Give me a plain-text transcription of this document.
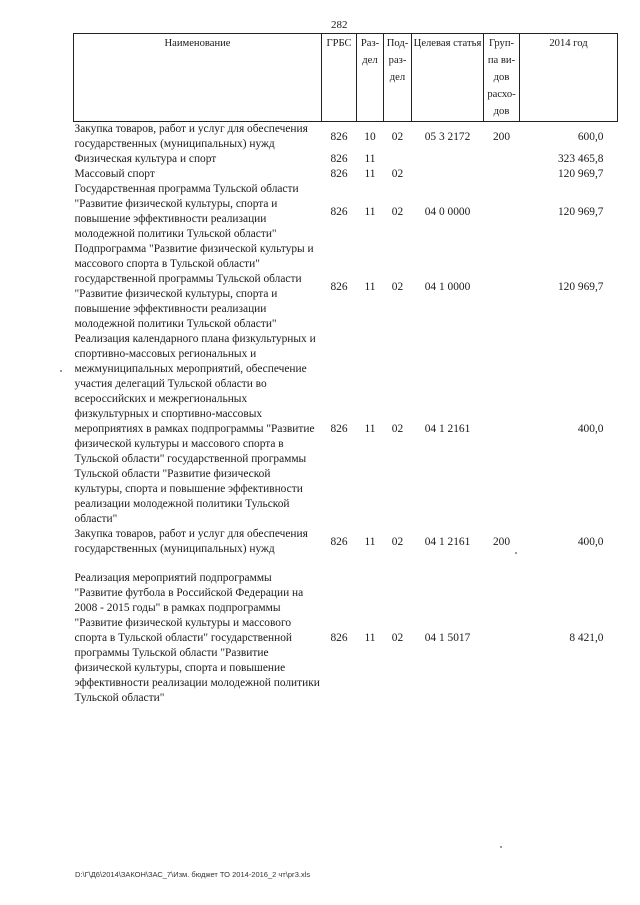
282
Наименование	ГРБС	Раз- дел	Под- раз- дел	Целевая статья	Груп- па ви- дов расхо- дов	2014 год
Закупка товаров, работ и услуг для обеспечения государственных (муниципальных) нужд	826	10	02	05 3 2172	200	600,0
Физическая культура и спорт	826	11				323 465,8
Массовый спорт	826	11	02			120 969,7
Государственная программа Тульской области "Развитие физической культуры, спорта и повышение эффективности реализации молодежной политики Тульской области"	826	11	02	04 0 0000		120 969,7
Подпрограмма "Развитие физической культуры и массового спорта в Тульской области" государственной программы Тульской области "Развитие физической культуры, спорта и повышение эффективности реализации молодежной политики Тульской области"	826	11	02	04 1 0000		120 969,7
Реализация календарного плана физкультурных и спортивно-массовых региональных и межмуниципальных мероприятий, обеспечение участия делегаций Тульской области во всероссийских и межрегиональных физкультурных и спортивно-массовых мероприятиях в рамках подпрограммы "Развитие физической культуры и массового спорта в Тульской области" государственной программы Тульской области "Развитие физической культуры, спорта и повышение эффективности реализации молодежной политики Тульской области"	826	11	02	04 1 2161		400,0
Закупка товаров, работ и услуг для обеспечения государственных (муниципальных) нужд	826	11	02	04 1 2161	200	400,0

Реализация мероприятий подпрограммы "Развитие футбола в Российской Федерации на 2008 - 2015 годы" в рамках подпрограммы "Развитие физической культуры и массового спорта в Тульской области" государственной программы Тульской области "Развитие физической культуры, спорта и повышение эффективности реализации молодежной политики Тульской области"	826	11	02	04 1 5017		8 421,0
D:\Г\Д6\2014\ЗАКОН\ЗАС_7\Изм. бюджет ТО 2014-2016_2 чт\рг3.xls
